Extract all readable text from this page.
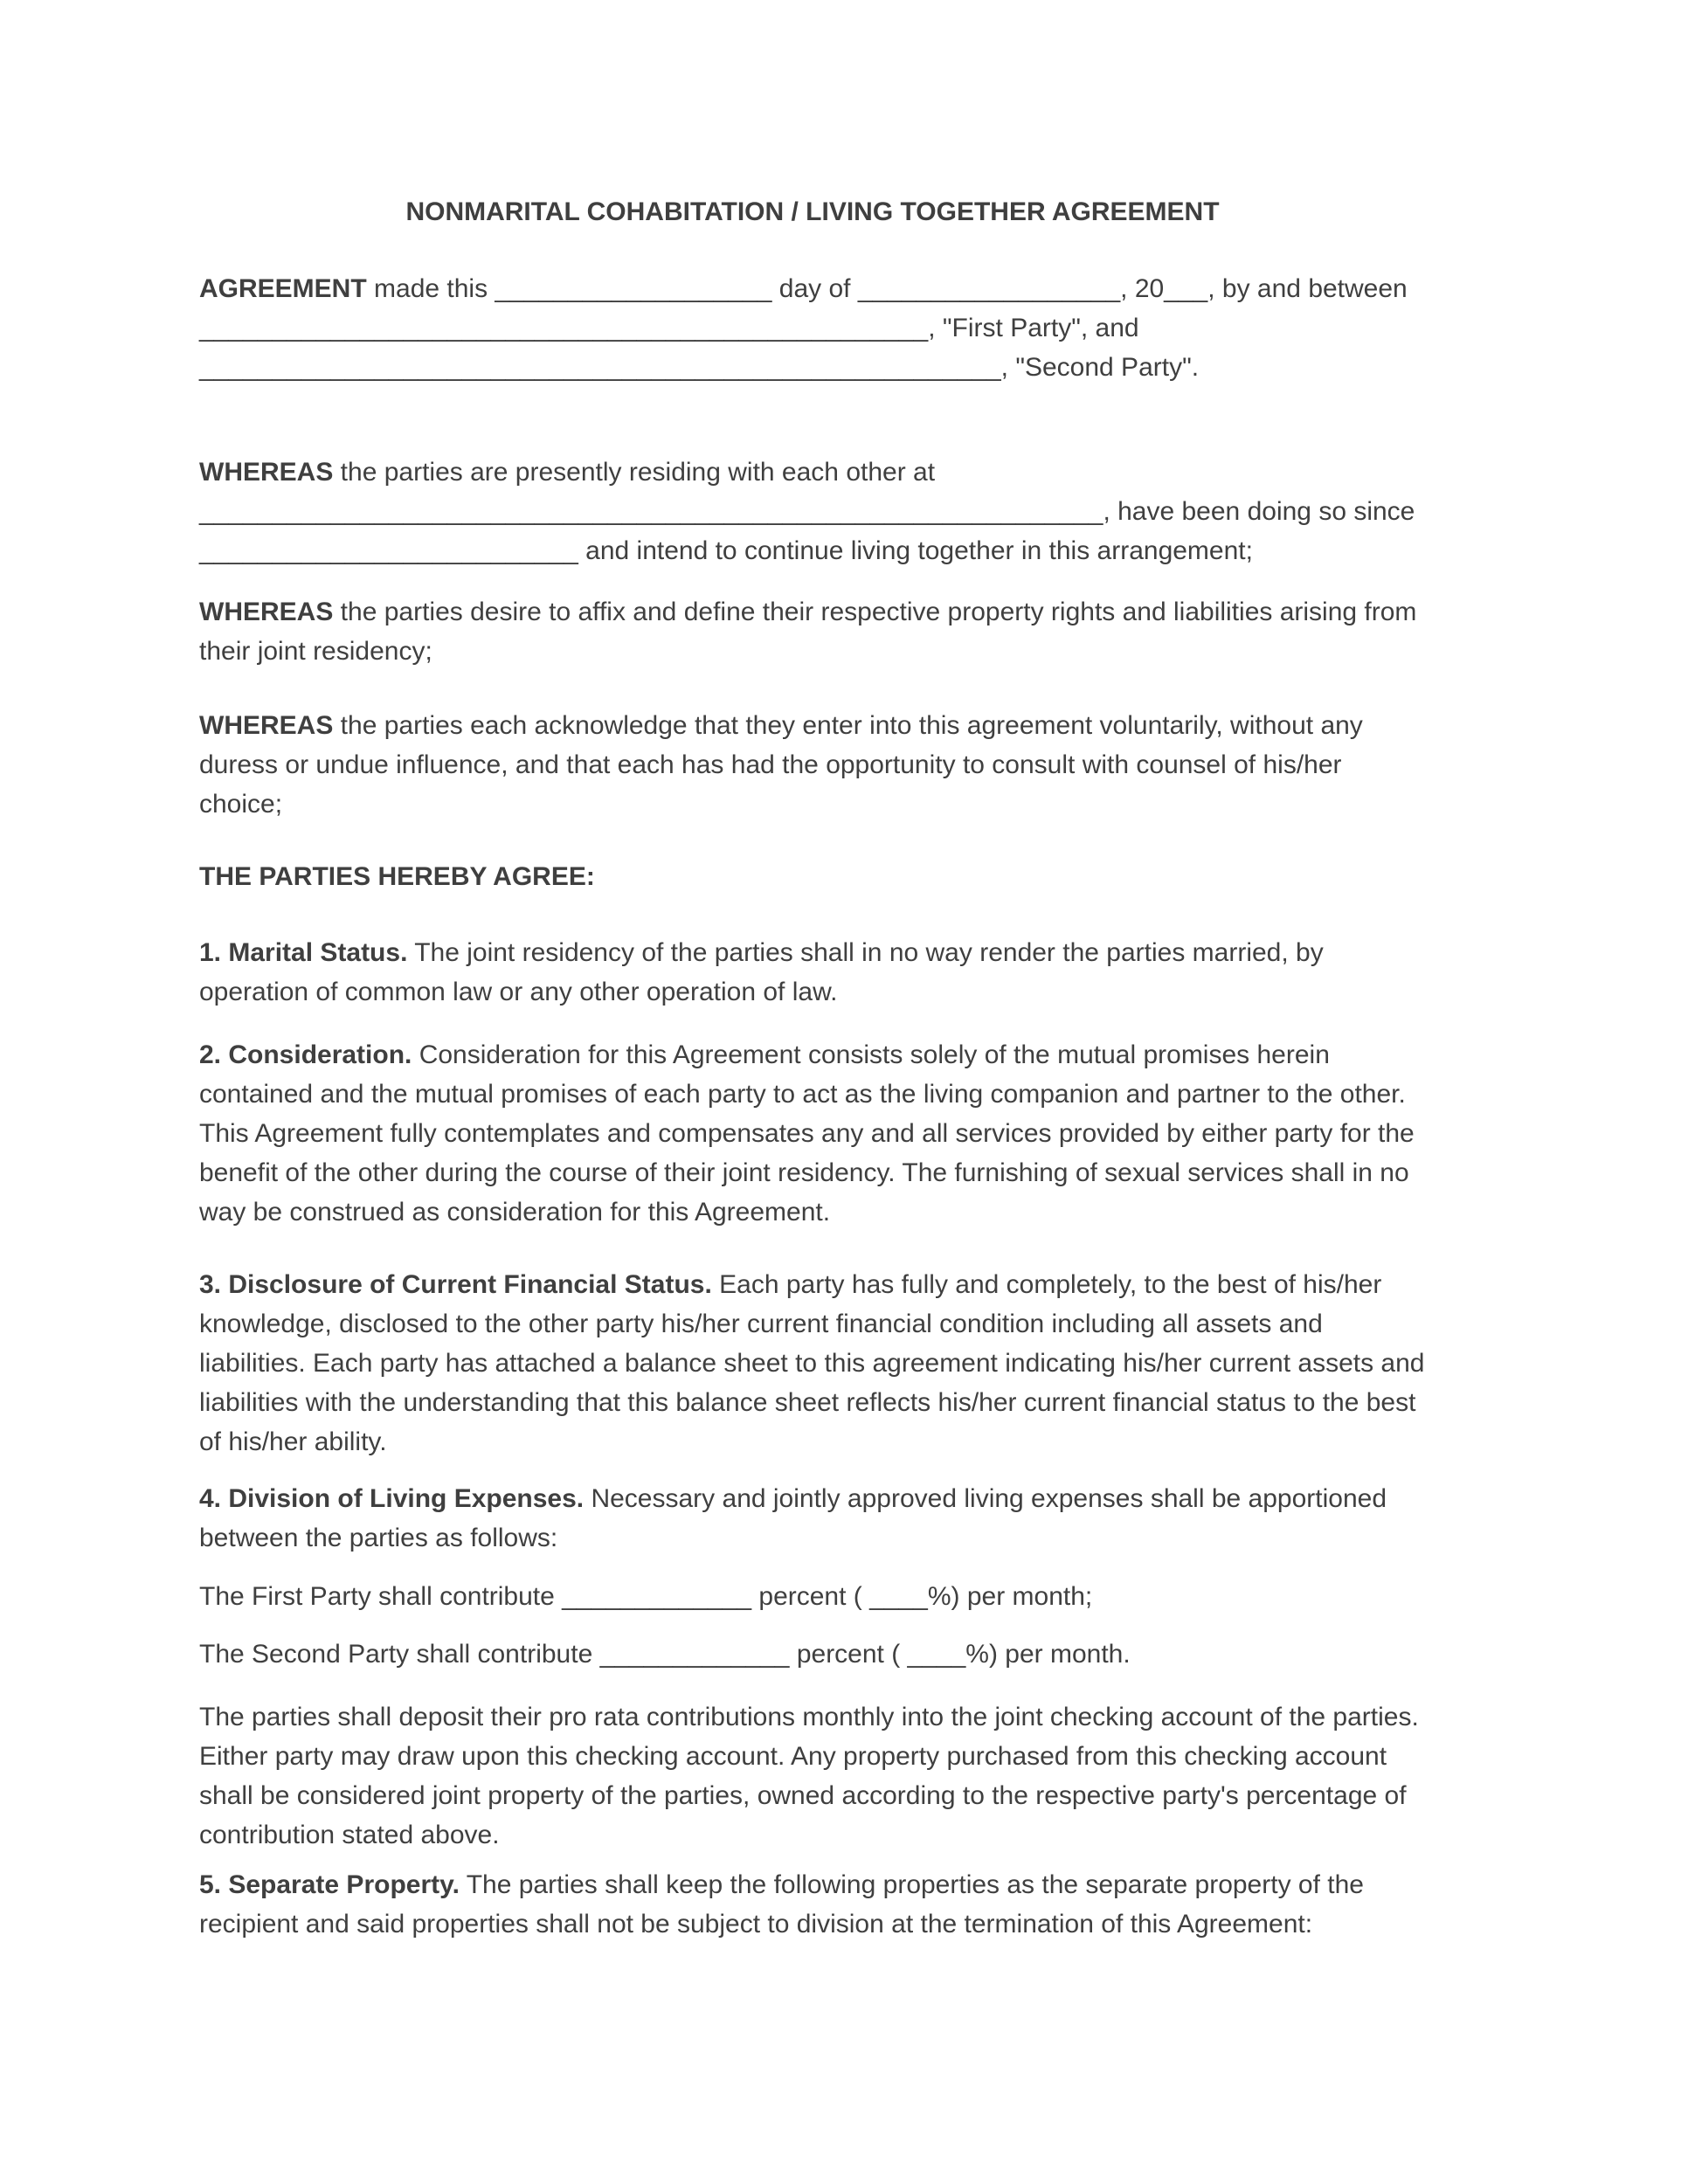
NONMARITAL COHABITATION / LIVING TOGETHER AGREEMENT

AGREEMENT made this ___________________ day of __________________, 20___, by and between __________________________________________________, "First Party", and _______________________________________________________, "Second Party".

WHEREAS the parties are presently residing with each other at ______________________________________________________________, have been doing so since __________________________ and intend to continue living together in this arrangement;

WHEREAS the parties desire to affix and define their respective property rights and liabilities arising from their joint residency;

WHEREAS the parties each acknowledge that they enter into this agreement voluntarily, without any duress or undue influence, and that each has had the opportunity to consult with counsel of his/her choice;

THE PARTIES HEREBY AGREE:

1. Marital Status. The joint residency of the parties shall in no way render the parties married, by operation of common law or any other operation of law.

2. Consideration. Consideration for this Agreement consists solely of the mutual promises herein contained and the mutual promises of each party to act as the living companion and partner to the other. This Agreement fully contemplates and compensates any and all services provided by either party for the benefit of the other during the course of their joint residency. The furnishing of sexual services shall in no way be construed as consideration for this Agreement.

3. Disclosure of Current Financial Status. Each party has fully and completely, to the best of his/her knowledge, disclosed to the other party his/her current financial condition including all assets and liabilities. Each party has attached a balance sheet to this agreement indicating his/her current assets and liabilities with the understanding that this balance sheet reflects his/her current financial status to the best of his/her ability.

4. Division of Living Expenses. Necessary and jointly approved living expenses shall be apportioned between the parties as follows:

The First Party shall contribute _____________ percent ( ____%) per month;

The Second Party shall contribute _____________ percent ( ____%) per month.

The parties shall deposit their pro rata contributions monthly into the joint checking account of the parties. Either party may draw upon this checking account. Any property purchased from this checking account shall be considered joint property of the parties, owned according to the respective party's percentage of contribution stated above.

5. Separate Property. The parties shall keep the following properties as the separate property of the recipient and said properties shall not be subject to division at the termination of this Agreement:
